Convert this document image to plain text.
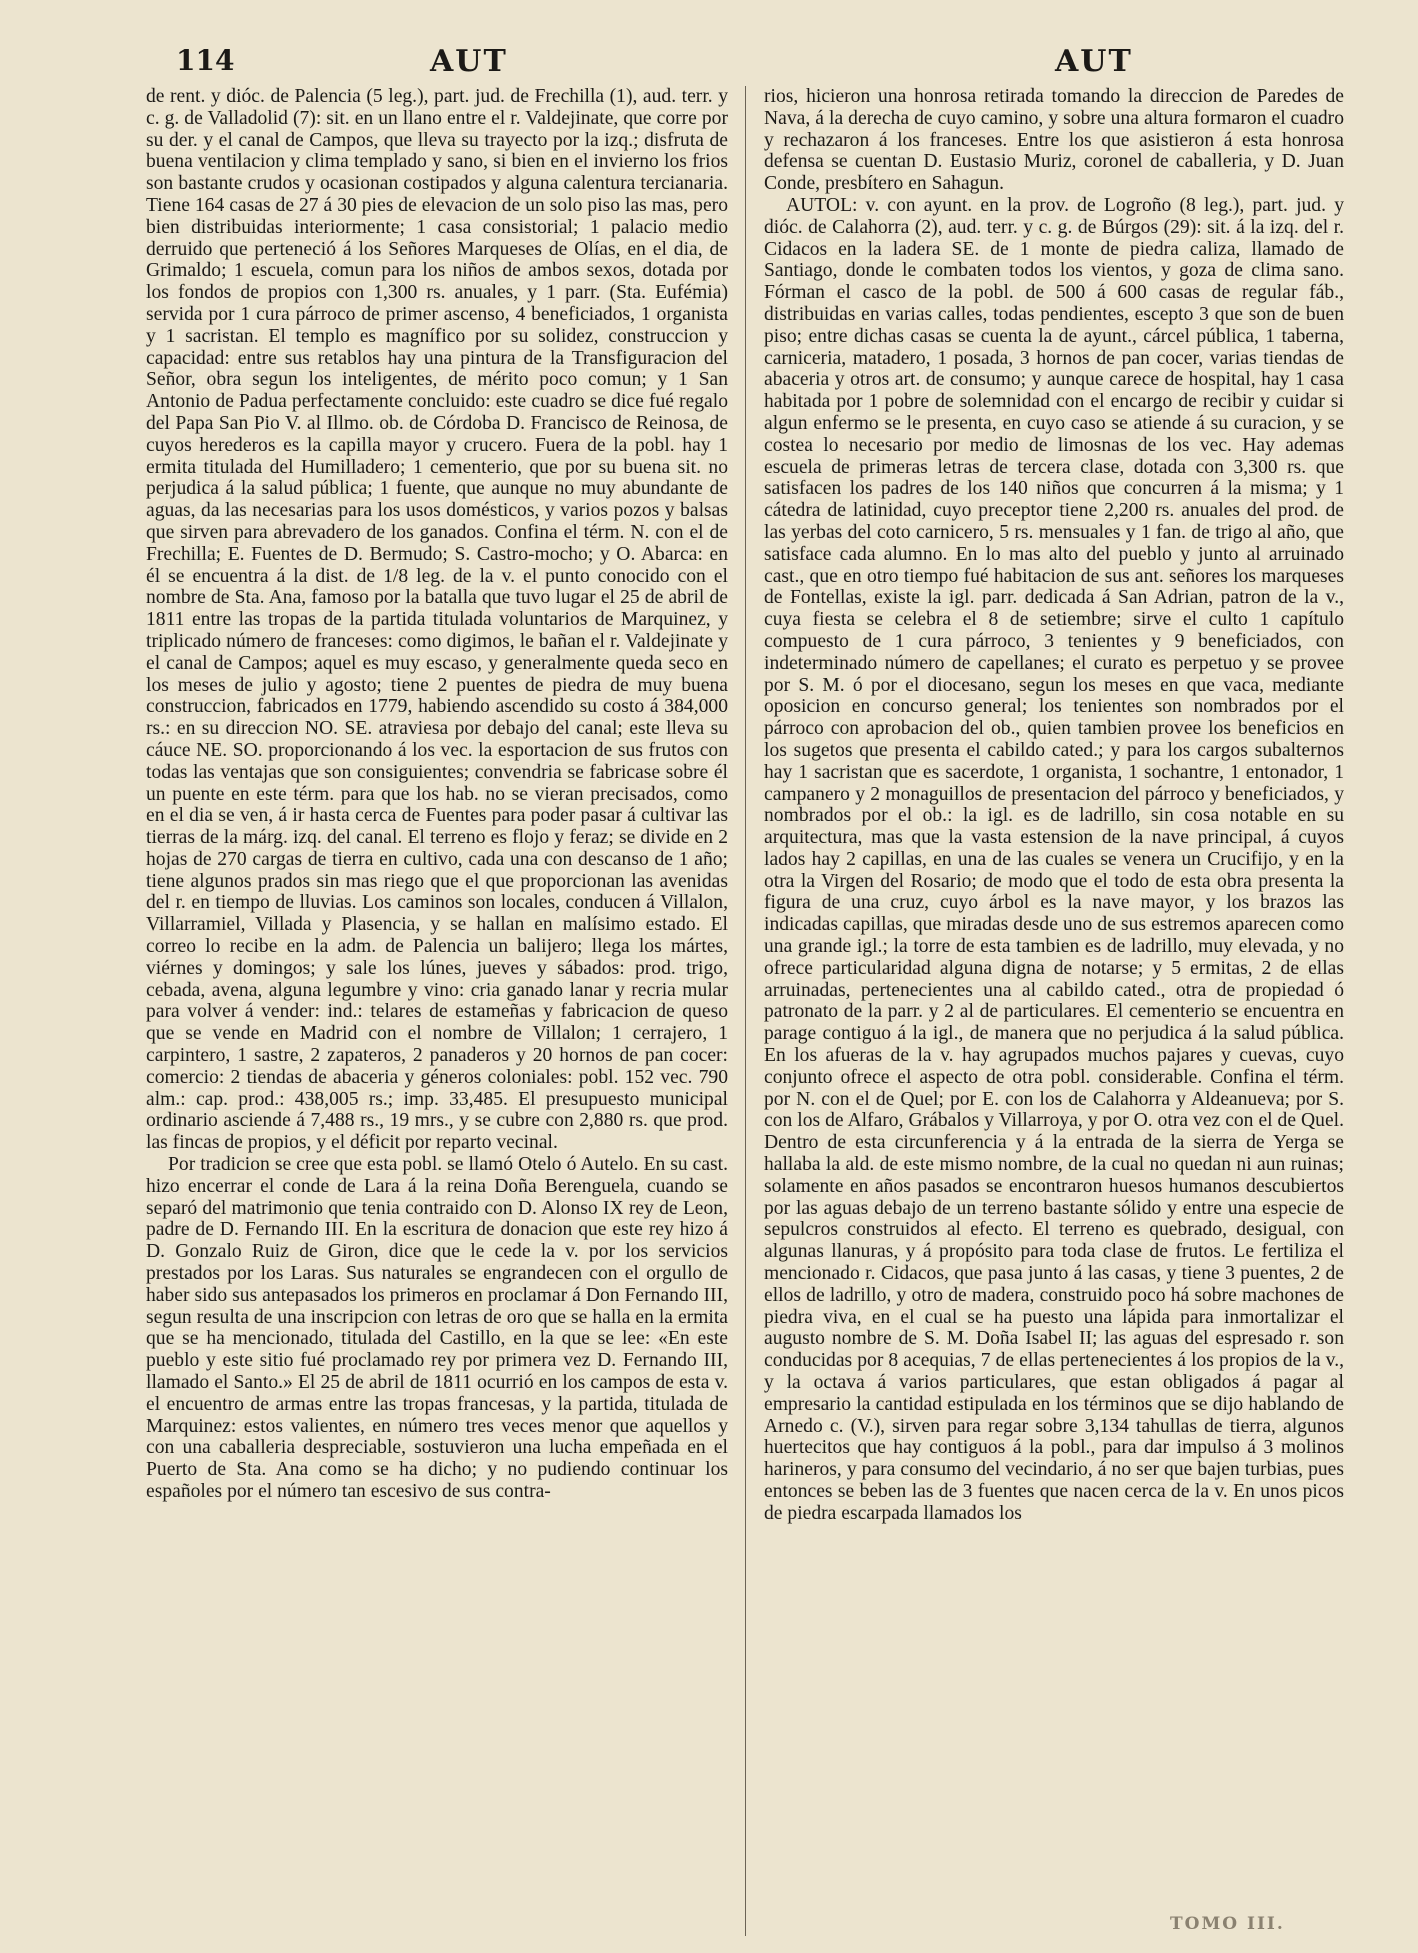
114	AUT	AUT

de rent. y dióc. de Palencia (5 leg.), part. jud. de Frechilla (1), aud. terr. y c. g. de Valladolid (7): sit. en un llano entre el r. Valdejinate, que corre por su der. y el canal de Campos, que lleva su trayecto por la izq.; disfruta de buena ventilacion y clima templado y sano, si bien en el invierno los frios son bastante crudos y ocasionan costipados y alguna calentura tercianaria. Tiene 164 casas de 27 á 30 pies de elevacion de un solo piso las mas, pero bien distribuidas interiormente; 1 casa consistorial; 1 palacio medio derruido que perteneció á los Señores Marqueses de Olías, en el dia, de Grimaldo; 1 escuela, comun para los niños de ambos sexos, dotada por los fondos de propios con 1,300 rs. anuales, y 1 parr. (Sta. Eufémia) servida por 1 cura párroco de primer ascenso, 4 beneficiados, 1 organista y 1 sacristan. El templo es magnífico por su solidez, construccion y capacidad: entre sus retablos hay una pintura de la Transfiguracion del Señor, obra segun los inteligentes, de mérito poco comun; y 1 San Antonio de Padua perfectamente concluido: este cuadro se dice fué regalo del Papa San Pio V. al Illmo. ob. de Córdoba D. Francisco de Reinosa, de cuyos herederos es la capilla mayor y crucero. Fuera de la pobl. hay 1 ermita titulada del Humilladero; 1 cementerio, que por su buena sit. no perjudica á la salud pública; 1 fuente, que aunque no muy abundante de aguas, da las necesarias para los usos domésticos, y varios pozos y balsas que sirven para abrevadero de los ganados. Confina el térm. N. con el de Frechilla; E. Fuentes de D. Bermudo; S. Castro-mocho; y O. Abarca: en él se encuentra á la dist. de 1/8 leg. de la v. el punto conocido con el nombre de Sta. Ana, famoso por la batalla que tuvo lugar el 25 de abril de 1811 entre las tropas de la partida titulada voluntarios de Marquinez, y triplicado número de franceses: como digimos, le bañan el r. Valdejinate y el canal de Campos; aquel es muy escaso, y generalmente queda seco en los meses de julio y agosto; tiene 2 puentes de piedra de muy buena construccion, fabricados en 1779, habiendo ascendido su costo á 384,000 rs.: en su direccion NO. SE. atraviesa por debajo del canal; este lleva su cáuce NE. SO. proporcionando á los vec. la esportacion de sus frutos con todas las ventajas que son consiguientes; convendria se fabricase sobre él un puente en este térm. para que los hab. no se vieran precisados, como en el dia se ven, á ir hasta cerca de Fuentes para poder pasar á cultivar las tierras de la márg. izq. del canal. El terreno es flojo y feraz; se divide en 2 hojas de 270 cargas de tierra en cultivo, cada una con descanso de 1 año; tiene algunos prados sin mas riego que el que proporcionan las avenidas del r. en tiempo de lluvias. Los caminos son locales, conducen á Villalon, Villarramiel, Villada y Plasencia, y se hallan en malísimo estado. El correo lo recibe en la adm. de Palencia un balijero; llega los mártes, viérnes y domingos; y sale los lúnes, jueves y sábados: prod. trigo, cebada, avena, alguna legumbre y vino: cria ganado lanar y recria mular para volver á vender: ind.: telares de estameñas y fabricacion de queso que se vende en Madrid con el nombre de Villalon; 1 cerrajero, 1 carpintero, 1 sastre, 2 zapateros, 2 panaderos y 20 hornos de pan cocer: comercio: 2 tiendas de abaceria y géneros coloniales: pobl. 152 vec. 790 alm.: cap. prod.: 438,005 rs.; imp. 33,485. El presupuesto municipal ordinario asciende á 7,488 rs., 19 mrs., y se cubre con 2,880 rs. que prod. las fincas de propios, y el déficit por reparto vecinal.

Por tradicion se cree que esta pobl. se llamó Otelo ó Autelo. En su cast. hizo encerrar el conde de Lara á la reina Doña Berenguela, cuando se separó del matrimonio que tenia contraido con D. Alonso IX rey de Leon, padre de D. Fernando III. En la escritura de donacion que este rey hizo á D. Gonzalo Ruiz de Giron, dice que le cede la v. por los servicios prestados por los Laras. Sus naturales se engrandecen con el orgullo de haber sido sus antepasados los primeros en proclamar á Don Fernando III, segun resulta de una inscripcion con letras de oro que se halla en la ermita que se ha mencionado, titulada del Castillo, en la que se lee: «En este pueblo y este sitio fué proclamado rey por primera vez D. Fernando III, llamado el Santo.» El 25 de abril de 1811 ocurrió en los campos de esta v. el encuentro de armas entre las tropas francesas, y la partida, titulada de Marquinez: estos valientes, en número tres veces menor que aquellos y con una caballeria despreciable, sostuvieron una lucha empeñada en el Puerto de Sta. Ana como se ha dicho; y no pudiendo continuar los españoles por el número tan escesivo de sus contra-

rios, hicieron una honrosa retirada tomando la direccion de Paredes de Nava, á la derecha de cuyo camino, y sobre una altura formaron el cuadro y rechazaron á los franceses. Entre los que asistieron á esta honrosa defensa se cuentan D. Eustasio Muriz, coronel de caballeria, y D. Juan Conde, presbítero en Sahagun.

AUTOL: v. con ayunt. en la prov. de Logroño (8 leg.), part. jud. y dióc. de Calahorra (2), aud. terr. y c. g. de Búrgos (29): sit. á la izq. del r. Cidacos en la ladera SE. de 1 monte de piedra caliza, llamado de Santiago, donde le combaten todos los vientos, y goza de clima sano. Fórman el casco de la pobl. de 500 á 600 casas de regular fáb., distribuidas en varias calles, todas pendientes, escepto 3 que son de buen piso; entre dichas casas se cuenta la de ayunt., cárcel pública, 1 taberna, carniceria, matadero, 1 posada, 3 hornos de pan cocer, varias tiendas de abaceria y otros art. de consumo; y aunque carece de hospital, hay 1 casa habitada por 1 pobre de solemnidad con el encargo de recibir y cuidar si algun enfermo se le presenta, en cuyo caso se atiende á su curacion, y se costea lo necesario por medio de limosnas de los vec. Hay ademas escuela de primeras letras de tercera clase, dotada con 3,300 rs. que satisfacen los padres de los 140 niños que concurren á la misma; y 1 cátedra de latinidad, cuyo preceptor tiene 2,200 rs. anuales del prod. de las yerbas del coto carnicero, 5 rs. mensuales y 1 fan. de trigo al año, que satisface cada alumno. En lo mas alto del pueblo y junto al arruinado cast., que en otro tiempo fué habitacion de sus ant. señores los marqueses de Fontellas, existe la igl. parr. dedicada á San Adrian, patron de la v., cuya fiesta se celebra el 8 de setiembre; sirve el culto 1 capítulo compuesto de 1 cura párroco, 3 tenientes y 9 beneficiados, con indeterminado número de capellanes; el curato es perpetuo y se provee por S. M. ó por el diocesano, segun los meses en que vaca, mediante oposicion en concurso general; los tenientes son nombrados por el párroco con aprobacion del ob., quien tambien provee los beneficios en los sugetos que presenta el cabildo cated.; y para los cargos subalternos hay 1 sacristan que es sacerdote, 1 organista, 1 sochantre, 1 entonador, 1 campanero y 2 monaguillos de presentacion del párroco y beneficiados, y nombrados por el ob.: la igl. es de ladrillo, sin cosa notable en su arquitectura, mas que la vasta estension de la nave principal, á cuyos lados hay 2 capillas, en una de las cuales se venera un Crucifijo, y en la otra la Virgen del Rosario; de modo que el todo de esta obra presenta la figura de una cruz, cuyo árbol es la nave mayor, y los brazos las indicadas capillas, que miradas desde uno de sus estremos aparecen como una grande igl.; la torre de esta tambien es de ladrillo, muy elevada, y no ofrece particularidad alguna digna de notarse; y 5 ermitas, 2 de ellas arruinadas, pertenecientes una al cabildo cated., otra de propiedad ó patronato de la parr. y 2 al de particulares. El cementerio se encuentra en parage contiguo á la igl., de manera que no perjudica á la salud pública. En los afueras de la v. hay agrupados muchos pajares y cuevas, cuyo conjunto ofrece el aspecto de otra pobl. considerable. Confina el térm. por N. con el de Quel; por E. con los de Calahorra y Aldeanueva; por S. con los de Alfaro, Grábalos y Villarroya, y por O. otra vez con el de Quel. Dentro de esta circunferencia y á la entrada de la sierra de Yerga se hallaba la ald. de este mismo nombre, de la cual no quedan ni aun ruinas; solamente en años pasados se encontraron huesos humanos descubiertos por las aguas debajo de un terreno bastante sólido y entre una especie de sepulcros construidos al efecto. El terreno es quebrado, desigual, con algunas llanuras, y á propósito para toda clase de frutos. Le fertiliza el mencionado r. Cidacos, que pasa junto á las casas, y tiene 3 puentes, 2 de ellos de ladrillo, y otro de madera, construido poco há sobre machones de piedra viva, en el cual se ha puesto una lápida para inmortalizar el augusto nombre de S. M. Doña Isabel II; las aguas del espresado r. son conducidas por 8 acequias, 7 de ellas pertenecientes á los propios de la v., y la octava á varios particulares, que estan obligados á pagar al empresario la cantidad estipulada en los términos que se dijo hablando de Arnedo c. (V.), sirven para regar sobre 3,134 tahullas de tierra, algunos huertecitos que hay contiguos á la pobl., para dar impulso á 3 molinos harineros, y para consumo del vecindario, á no ser que bajen turbias, pues entonces se beben las de 3 fuentes que nacen cerca de la v. En unos picos de piedra escarpada llamados los

TOMO III.
